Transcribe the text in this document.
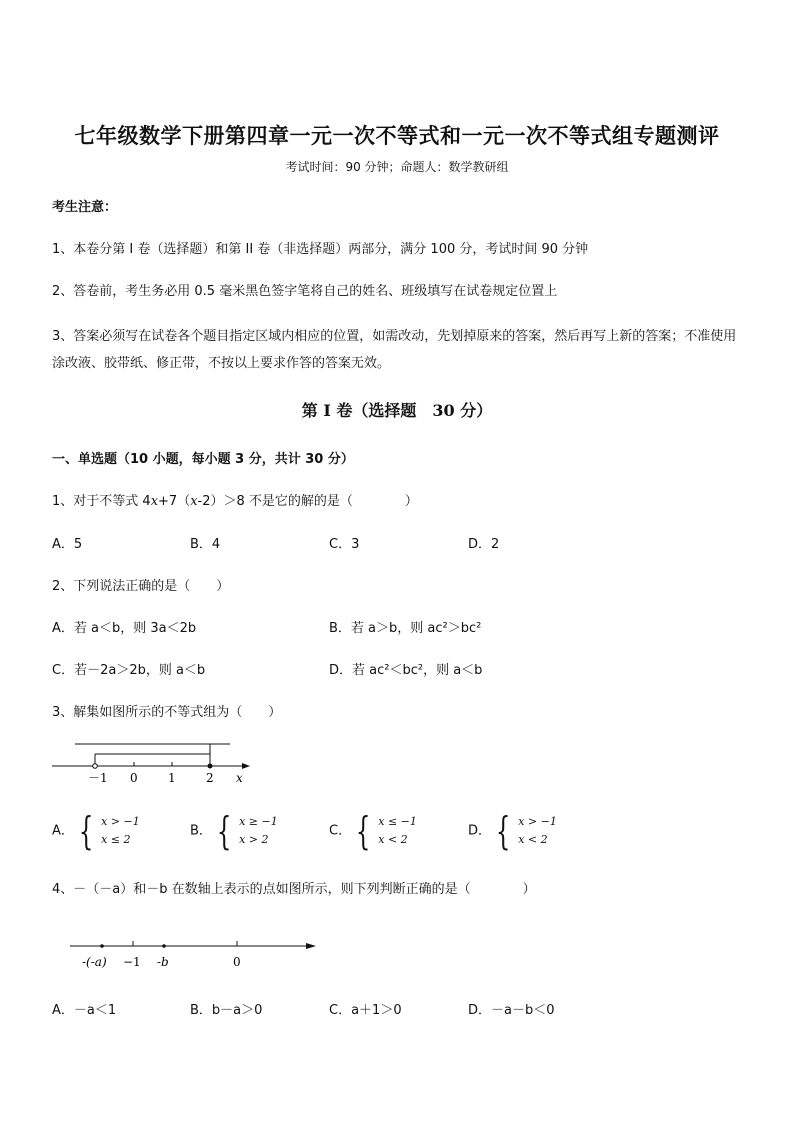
七年级数学下册第四章一元一次不等式和一元一次不等式组专题测评
考试时间：90 分钟；命题人：数学教研组
考生注意：
1、本卷分第 I 卷（选择题）和第 II 卷（非选择题）两部分，满分 100 分，考试时间 90 分钟
2、答卷前，考生务必用 0.5 毫米黑色签字笔将自己的姓名、班级填写在试卷规定位置上
3、答案必须写在试卷各个题目指定区域内相应的位置，如需改动，先划掉原来的答案，然后再写上新的答案；不准使用涂改液、胶带纸、修正带，不按以上要求作答的答案无效。
第 I 卷（选择题　30 分）
一、单选题（10 小题，每小题 3 分，共计 30 分）
1、对于不等式 4x+7（x-2）＞8 不是它的解的是（　　　　）
A．5	B．4	C．3	D．2
2、下列说法正确的是（　　）
A．若 a＜b，则 3a＜2b	B．若 a＞b，则 ac²＞bc²
C．若－2a＞2b，则 a＜b	D．若 ac²＜bc²，则 a＜b
3、解集如图所示的不等式组为（　　）
－1 0	1	2 x
A． { x > −1
x ≤ 2
B． { x ≥ −1
x > 2
C． { x ≤ −1
x < 2
D． { x > −1
x < 2
4、－（－a）和－b 在数轴上表示的点如图所示，则下列判断正确的是（　　　　）
-(-a) −1 -b	0
A．－a＜1	B．b－a＞0	C．a＋1＞0	D．－a－b＜0
